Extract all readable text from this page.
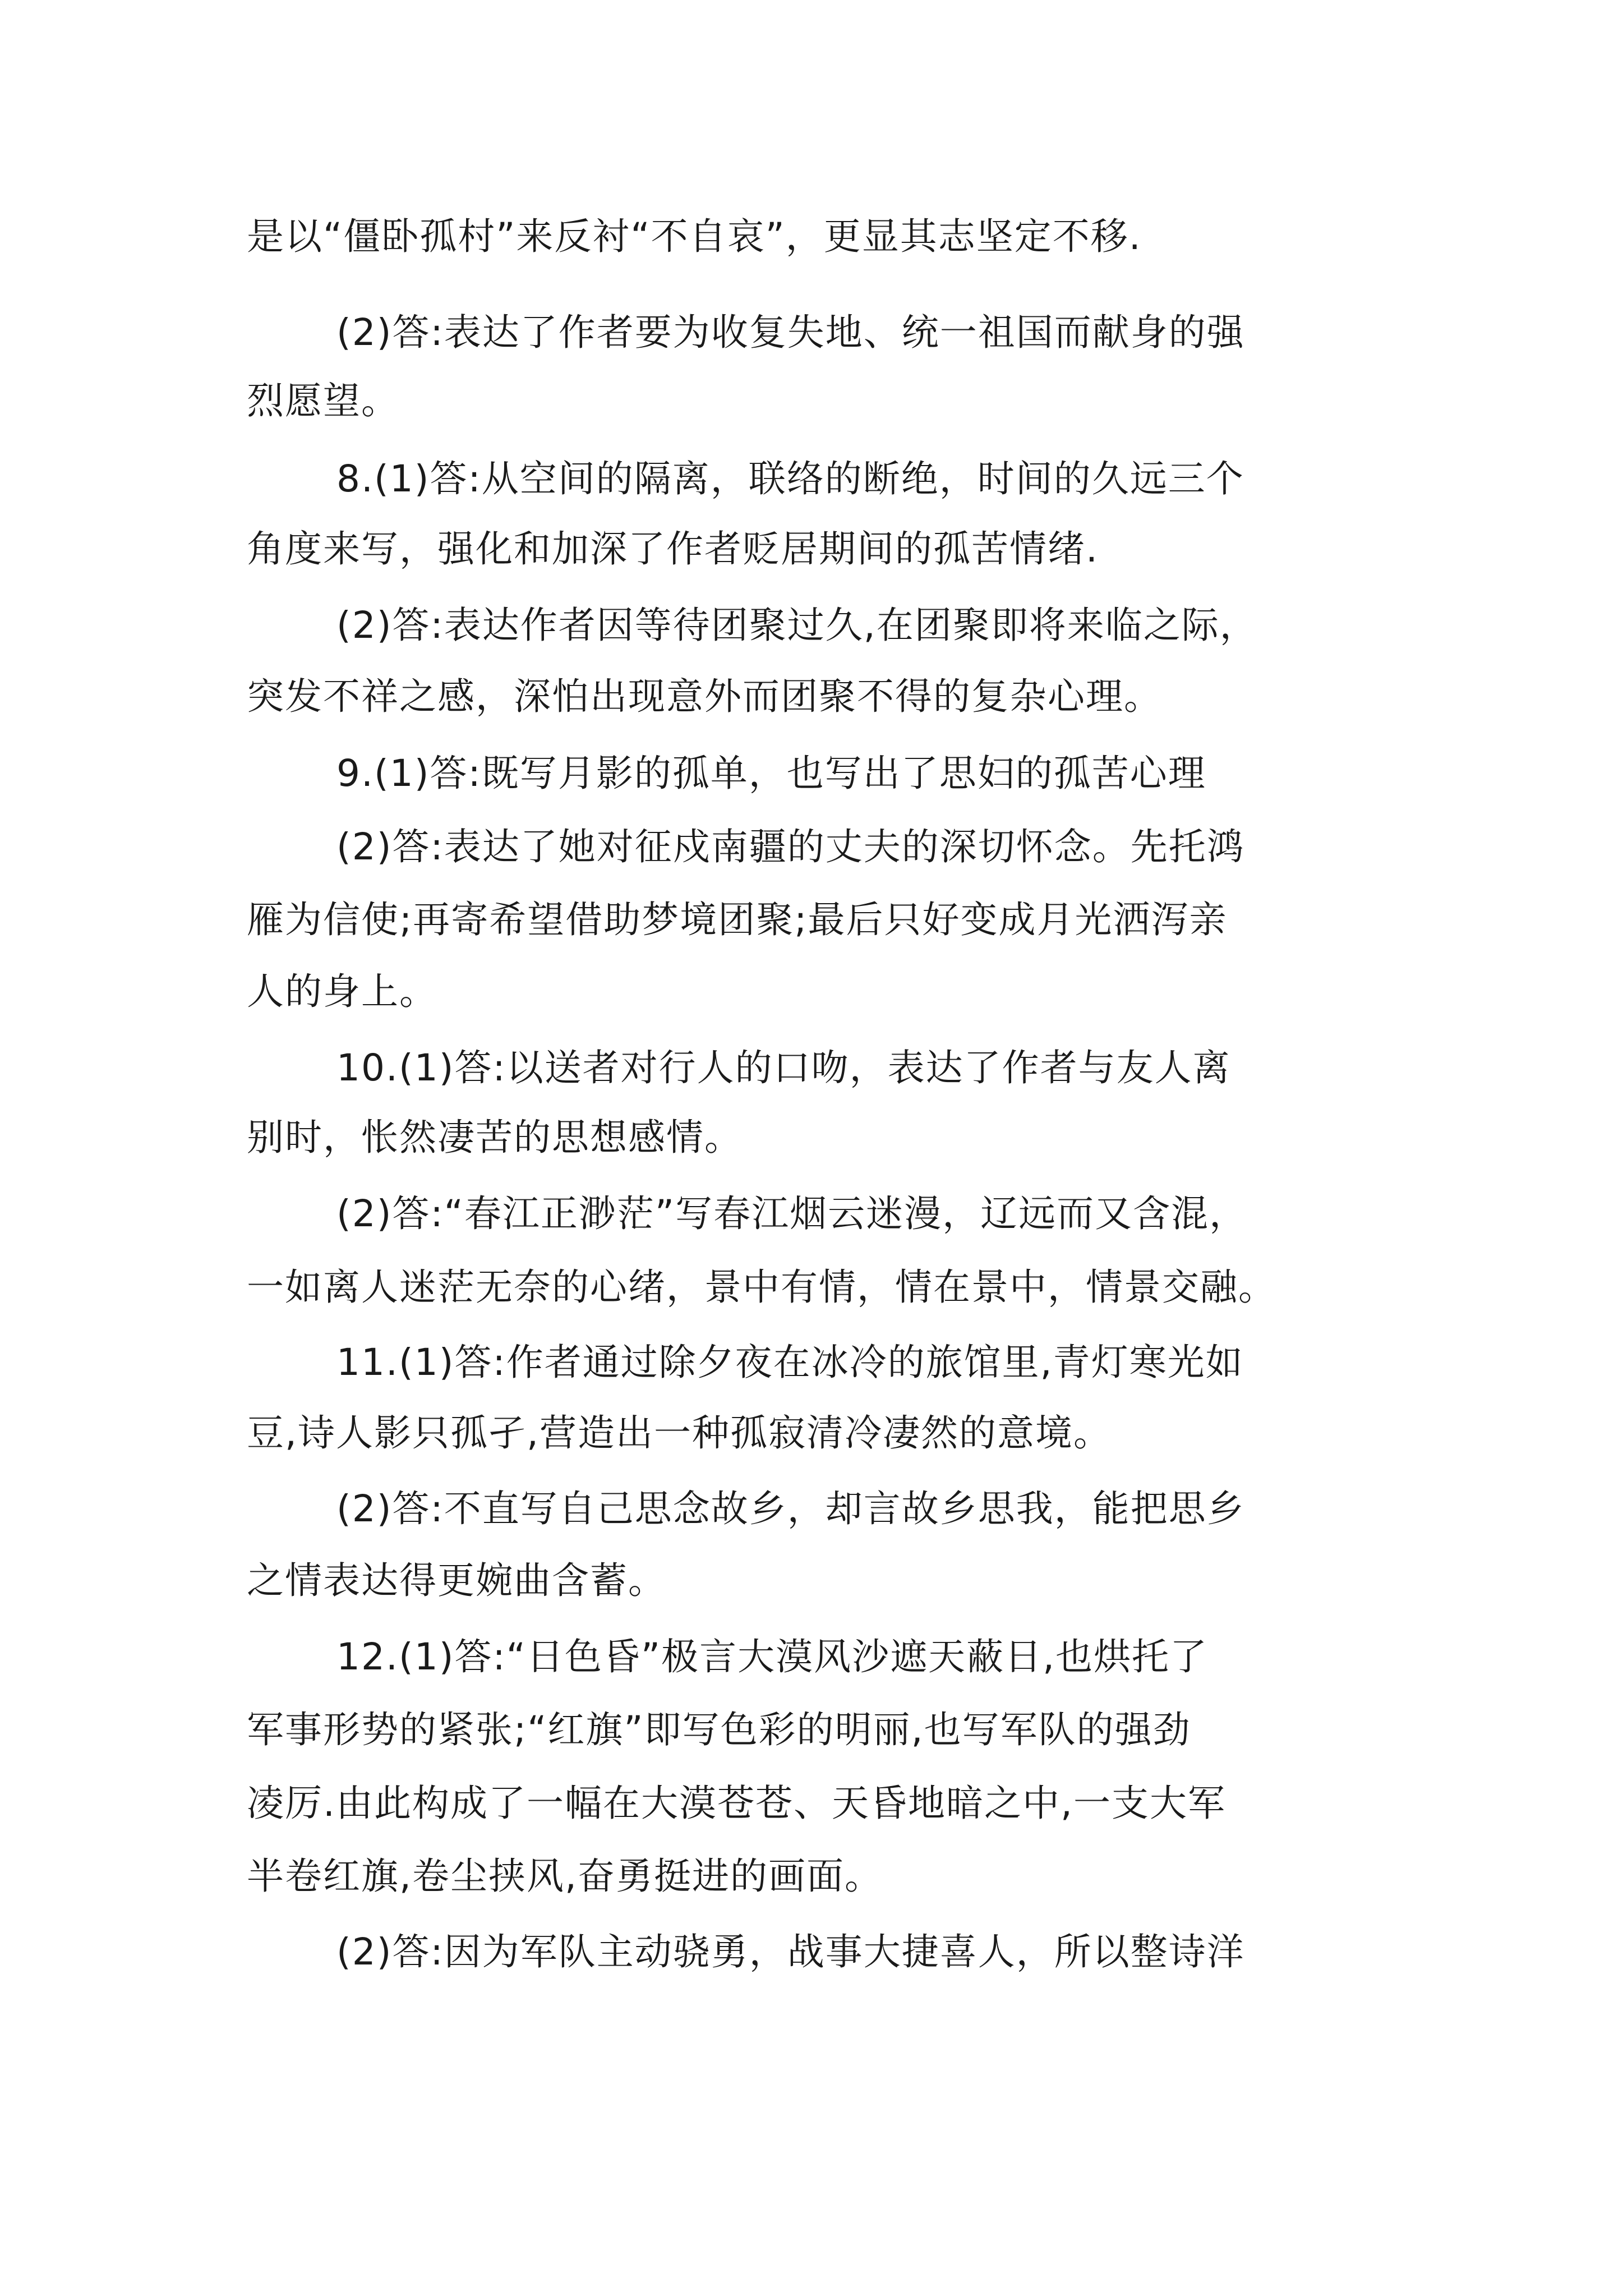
是以“僵卧孤村”来反衬“不自哀”，更显其志坚定不移.
(2)答:表达了作者要为收复失地、统一祖国而献身的强
烈愿望。
8.(1)答:从空间的隔离，联络的断绝，时间的久远三个
角度来写，强化和加深了作者贬居期间的孤苦情绪.
(2)答:表达作者因等待团聚过久,在团聚即将来临之际，
突发不祥之感，深怕出现意外而团聚不得的复杂心理。
9.(1)答:既写月影的孤单，也写出了思妇的孤苦心理
(2)答:表达了她对征戍南疆的丈夫的深切怀念。先托鸿
雁为信使;再寄希望借助梦境团聚;最后只好变成月光洒泻亲
人的身上。
10.(1)答:以送者对行人的口吻，表达了作者与友人离
别时，怅然凄苦的思想感情。
(2)答:“春江正渺茫”写春江烟云迷漫，辽远而又含混，
一如离人迷茫无奈的心绪，景中有情，情在景中，情景交融。
11.(1)答:作者通过除夕夜在冰冷的旅馆里,青灯寒光如
豆,诗人影只孤孑,营造出一种孤寂清冷凄然的意境。
(2)答:不直写自己思念故乡，却言故乡思我，能把思乡
之情表达得更婉曲含蓄。
12.(1)答:“日色昏”极言大漠风沙遮天蔽日,也烘托了
军事形势的紧张;“红旗”即写色彩的明丽,也写军队的强劲
凌厉.由此构成了一幅在大漠苍苍、天昏地暗之中,一支大军
半卷红旗,卷尘挟风,奋勇挺进的画面。
(2)答:因为军队主动骁勇，战事大捷喜人，所以整诗洋
